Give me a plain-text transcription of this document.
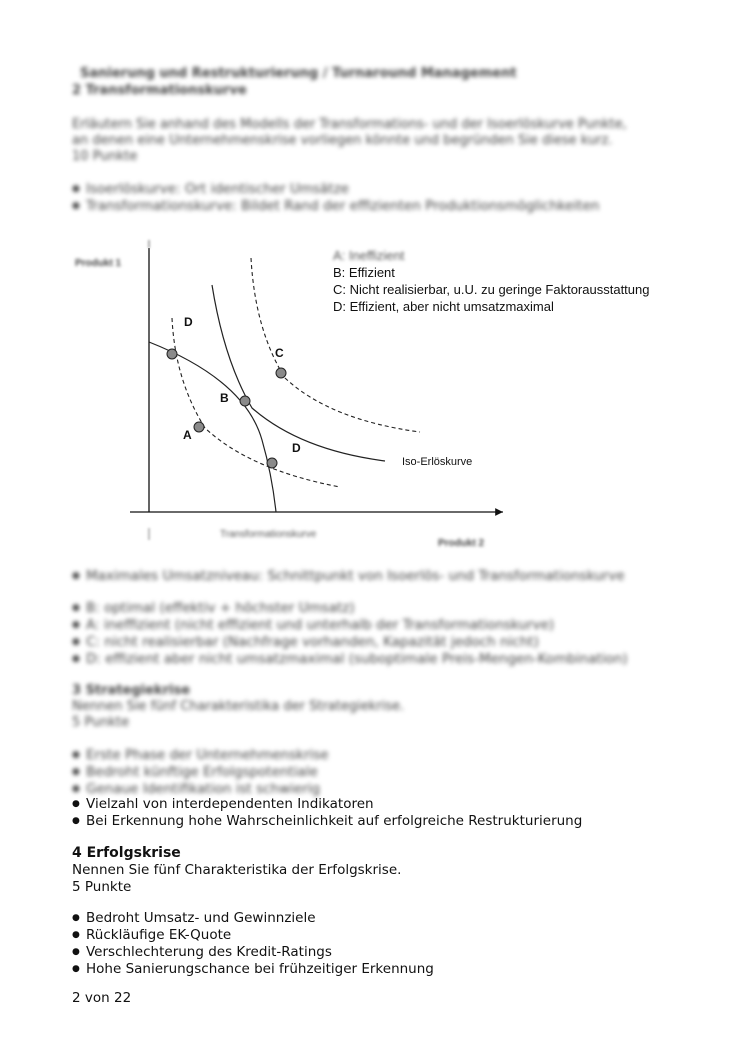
Sanierung und Restrukturierung / Turnaround Management
2 Transformationskurve
Erläutern Sie anhand des Modells der Transformations- und der Isoerlöskurve Punkte,
an denen eine Unternehmenskrise vorliegen könnte und begründen Sie diese kurz.
10 Punkte
● Isoerlöskurve: Ort identischer Umsätze
● Transformationskurve: Bildet Rand der effizienten Produktionsmöglichkeiten
Produkt 1
Produkt 2
Transformationskurve
D
B
A
D
C
Iso-Erlöskurve
A: Ineffizient
B: Effizient
C: Nicht realisierbar, u.U. zu geringe Faktorausstattung
D: Effizient, aber nicht umsatzmaximal
● Maximales Umsatzniveau: Schnittpunkt von Isoerlös- und Transformationskurve
● B: optimal (effektiv + höchster Umsatz)
● A: ineffizient (nicht effizient und unterhalb der Transformationskurve)
● C: nicht realisierbar (Nachfrage vorhanden, Kapazität jedoch nicht)
● D: effizient aber nicht umsatzmaximal (suboptimale Preis-Mengen-Kombination)
3 Strategiekrise
Nennen Sie fünf Charakteristika der Strategiekrise.
5 Punkte
● Erste Phase der Unternehmenskrise
● Bedroht künftige Erfolgspotentiale
● Genaue Identifikation ist schwierig
● Vielzahl von interdependenten Indikatoren
● Bei Erkennung hohe Wahrscheinlichkeit auf erfolgreiche Restrukturierung
4 Erfolgskrise
Nennen Sie fünf Charakteristika der Erfolgskrise.
5 Punkte
● Bedroht Umsatz- und Gewinnziele
● Rückläufige EK-Quote
● Verschlechterung des Kredit-Ratings
● Hohe Sanierungschance bei frühzeitiger Erkennung
2 von 22
